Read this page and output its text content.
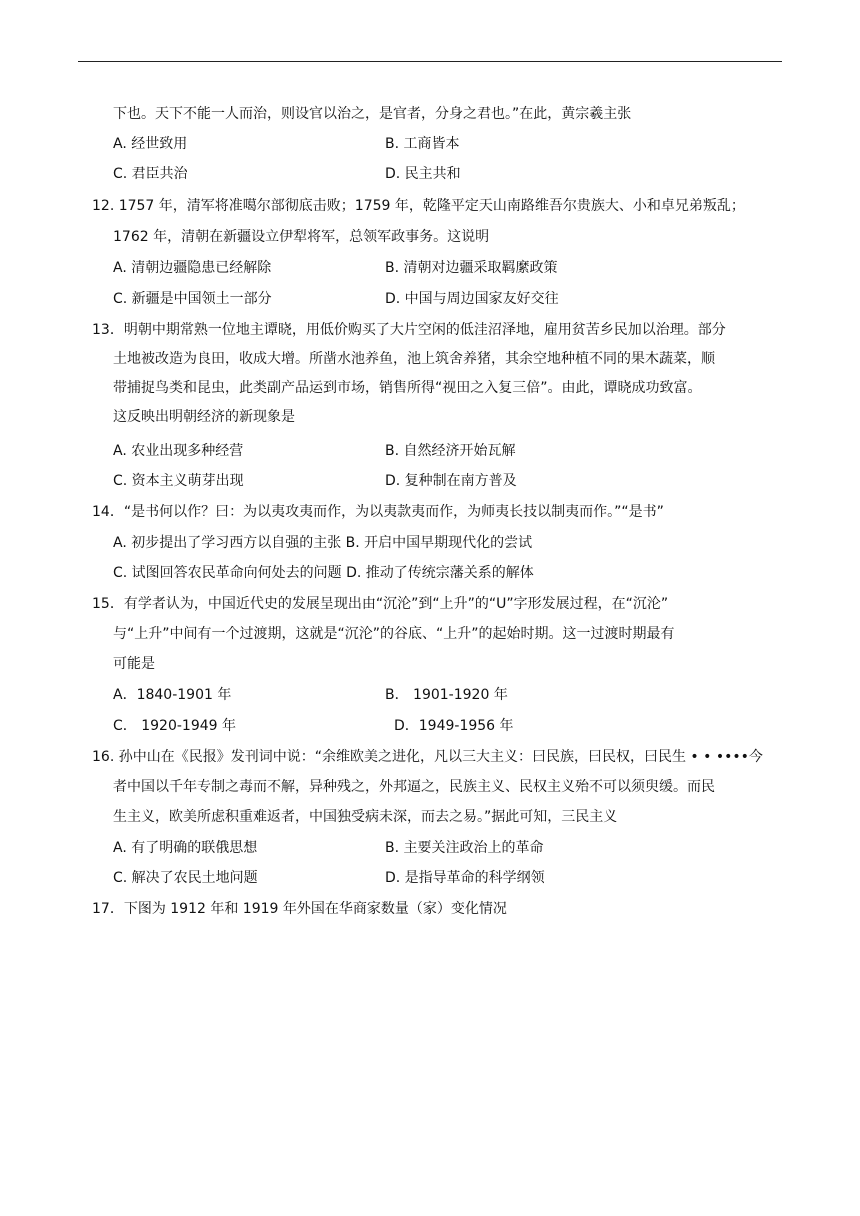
下也。天下不能一人而治，则设官以治之，是官者，分身之君也。”在此，黄宗羲主张
A. 经世致用	B. 工商皆本
C. 君臣共治	D. 民主共和
12. 1757 年，清军将准噶尔部彻底击败；1759 年，乾隆平定天山南路维吾尔贵族大、小和卓兄弟叛乱；
1762 年，清朝在新疆设立伊犁将军，总领军政事务。这说明
A. 清朝边疆隐患已经解除	B. 清朝对边疆采取羁縻政策
C. 新疆是中国领土一部分	D. 中国与周边国家友好交往
13．明朝中期常熟一位地主谭晓，用低价购买了大片空闲的低洼沼泽地，雇用贫苦乡民加以治理。部分
土地被改造为良田，收成大增。所凿水池养鱼，池上筑舍养猪，其余空地种植不同的果木蔬菜，顺
带捕捉鸟类和昆虫，此类副产品运到市场，销售所得“视田之入复三倍”。由此，谭晓成功致富。
这反映出明朝经济的新现象是
A. 农业出现多种经营	B. 自然经济开始瓦解
C. 资本主义萌芽出现	D. 复种制在南方普及
14．“是书何以作？曰：为以夷攻夷而作，为以夷款夷而作，为师夷长技以制夷而作。”“是书”
A. 初步提出了学习西方以自强的主张 B. 开启中国早期现代化的尝试
C. 试图回答农民革命向何处去的问题 D. 推动了传统宗藩关系的解体
15．有学者认为，中国近代史的发展呈现出由“沉沦”到“上升”的“U”字形发展过程，在“沉沦”
与“上升”中间有一个过渡期，这就是“沉沦”的谷底、“上升”的起始时期。这一过渡时期最有
可能是
A．1840-1901 年	B． 1901-1920 年
C． 1920-1949 年	D．1949-1956 年
16. 孙中山在《民报》发刊词中说：“余维欧美之进化，凡以三大主义：曰民族，曰民权，曰民生 • • ••••今
者中国以千年专制之毒而不解，异种残之，外邦逼之，民族主义、民权主义殆不可以须臾缓。而民
生主义，欧美所虑积重难返者，中国独受病未深，而去之易。”据此可知，三民主义
A. 有了明确的联俄思想	B. 主要关注政治上的革命
C. 解决了农民土地问题	D. 是指导革命的科学纲领
17．下图为 1912 年和 1919 年外国在华商家数量（家）变化情况
